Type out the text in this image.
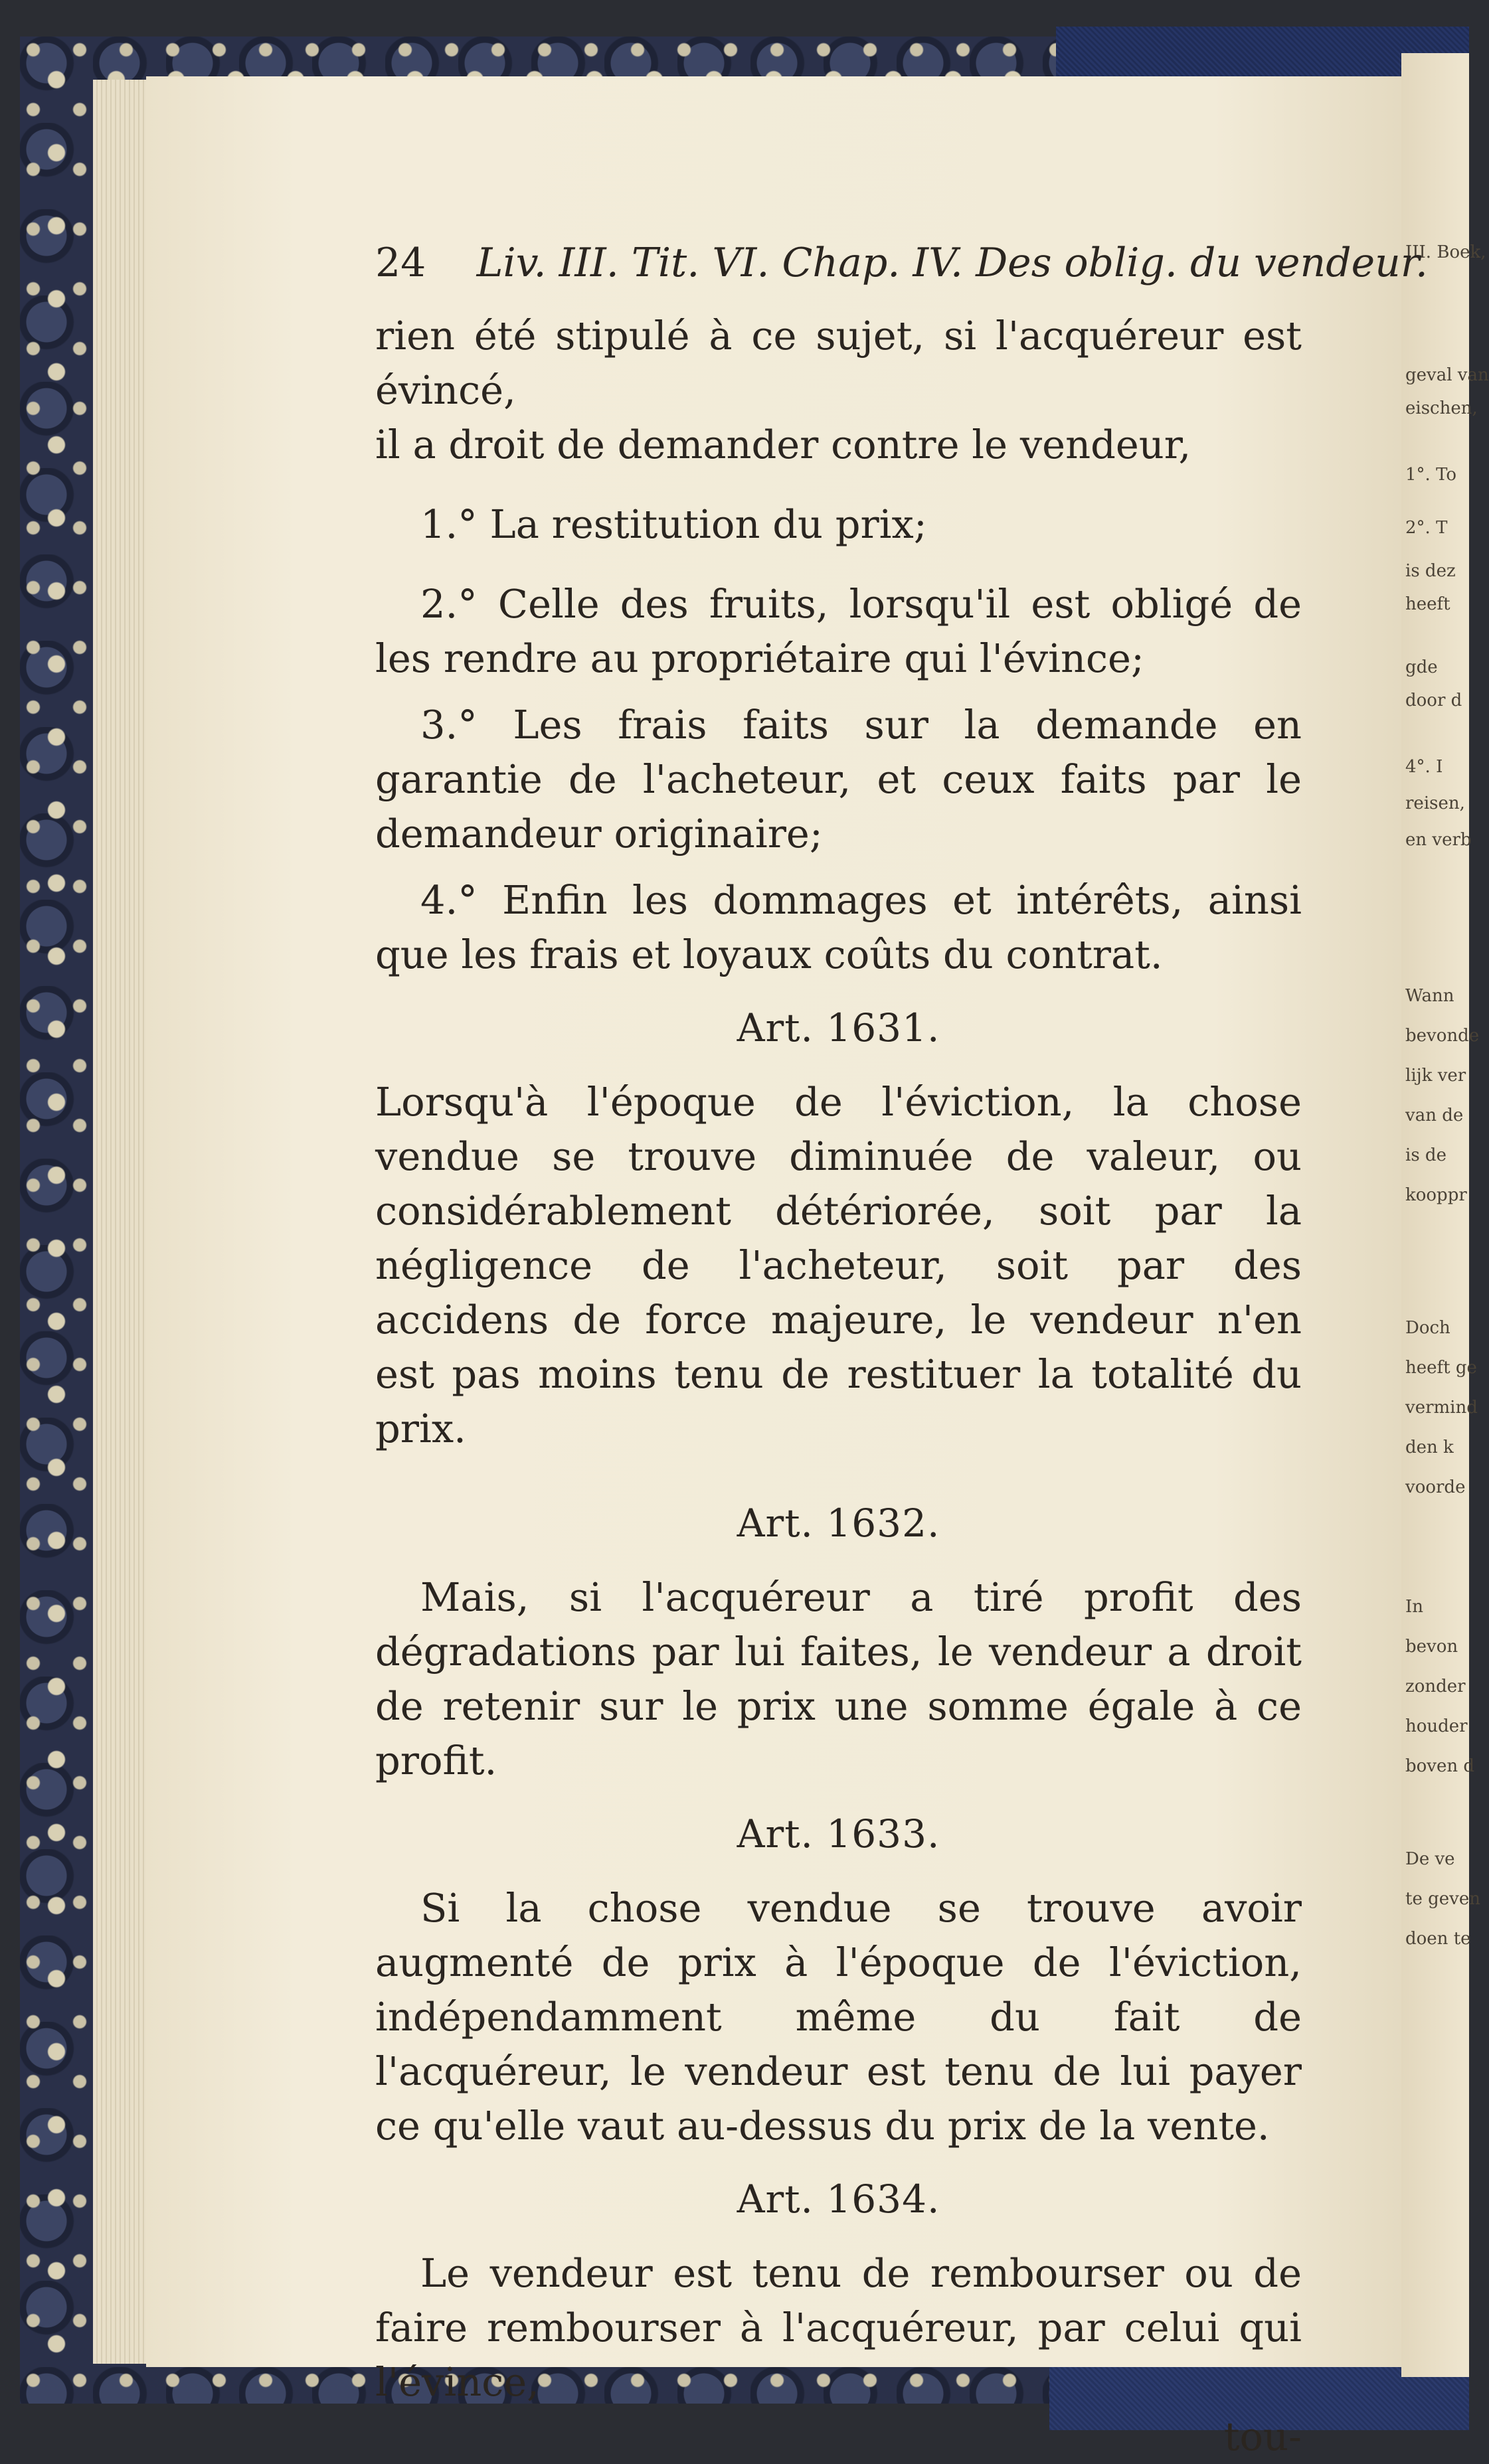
III. Boek,
geval van
eischen,
1°. To
2°. T
is dez
heeft
gde
door d
4°. I
reisen,
en verb
Wann
bevonde
lijk ver
van de
is de
kooppr
Doch
heeft ge
vermind
den k
voorde
In
bevon
zonder
houder
boven d
De ve
te geven
doen te
24 Liv. III. Tit. VI. Chap. IV. Des oblig. du vendeur.

rien été stipulé à ce sujet, si l'acquéreur est évincé,

il a droit de demander contre le vendeur,

1.° La restitution du prix;

2.° Celle des fruits, lorsqu'il est obligé de les rendre au propriétaire qui l'évince;

3.° Les frais faits sur la demande en garantie de l'acheteur, et ceux faits par le demandeur originaire;

4.° Enfin les dommages et intérêts, ainsi que les frais et loyaux coûts du contrat.

Art. 1631.

Lorsqu'à l'époque de l'éviction, la chose vendue se trouve diminuée de valeur, ou considérablement détériorée, soit par la négligence de l'acheteur, soit par des accidens de force majeure, le vendeur n'en est pas moins tenu de restituer la totalité du prix.

Art. 1632.

Mais, si l'acquéreur a tiré profit des dégradations par lui faites, le vendeur a droit de retenir sur le prix une somme égale à ce profit.

Art. 1633.

Si la chose vendue se trouve avoir augmenté de prix à l'époque de l'éviction, indépendamment même du fait de l'acquéreur, le vendeur est tenu de lui payer ce qu'elle vaut au-dessus du prix de la vente.

Art. 1634.

Le vendeur est tenu de rembourser ou de faire rembourser à l'acquéreur, par celui qui l'évince,

tou-
